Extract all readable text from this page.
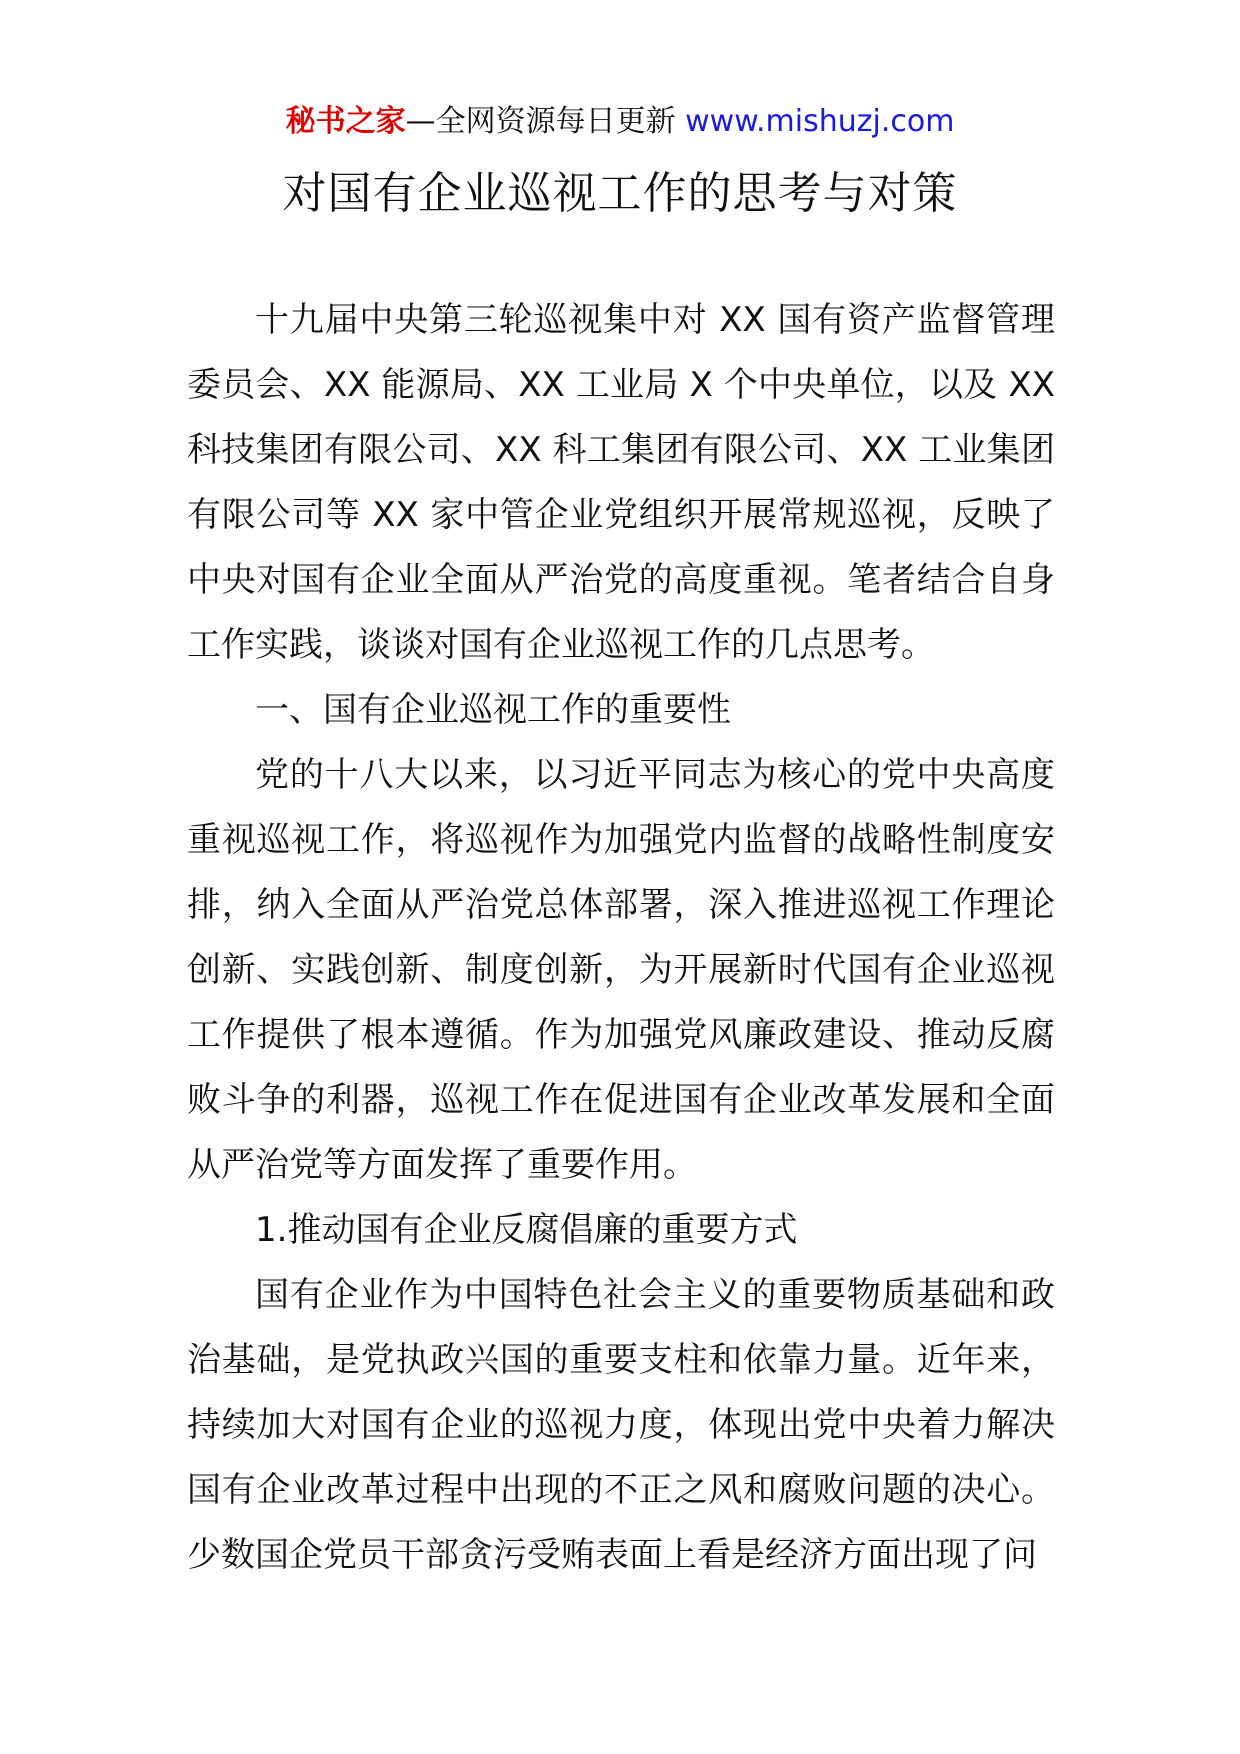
秘书之家—全网资源每日更新 www.mishuzj.com
对国有企业巡视工作的思考与对策

十九届中央第三轮巡视集中对 XX 国有资产监督管理委员会、XX 能源局、XX 工业局 X 个中央单位，以及 XX 科技集团有限公司、XX 科工集团有限公司、XX 工业集团有限公司等 XX 家中管企业党组织开展常规巡视，反映了中央对国有企业全面从严治党的高度重视。笔者结合自身工作实践，谈谈对国有企业巡视工作的几点思考。

一、国有企业巡视工作的重要性

党的十八大以来，以习近平同志为核心的党中央高度重视巡视工作，将巡视作为加强党内监督的战略性制度安排，纳入全面从严治党总体部署，深入推进巡视工作理论创新、实践创新、制度创新，为开展新时代国有企业巡视工作提供了根本遵循。作为加强党风廉政建设、推动反腐败斗争的利器，巡视工作在促进国有企业改革发展和全面从严治党等方面发挥了重要作用。

1.推动国有企业反腐倡廉的重要方式

国有企业作为中国特色社会主义的重要物质基础和政治基础，是党执政兴国的重要支柱和依靠力量。近年来，持续加大对国有企业的巡视力度，体现出党中央着力解决国有企业改革过程中出现的不正之风和腐败问题的决心。少数国企党员干部贪污受贿表面上看是经济方面出现了问
